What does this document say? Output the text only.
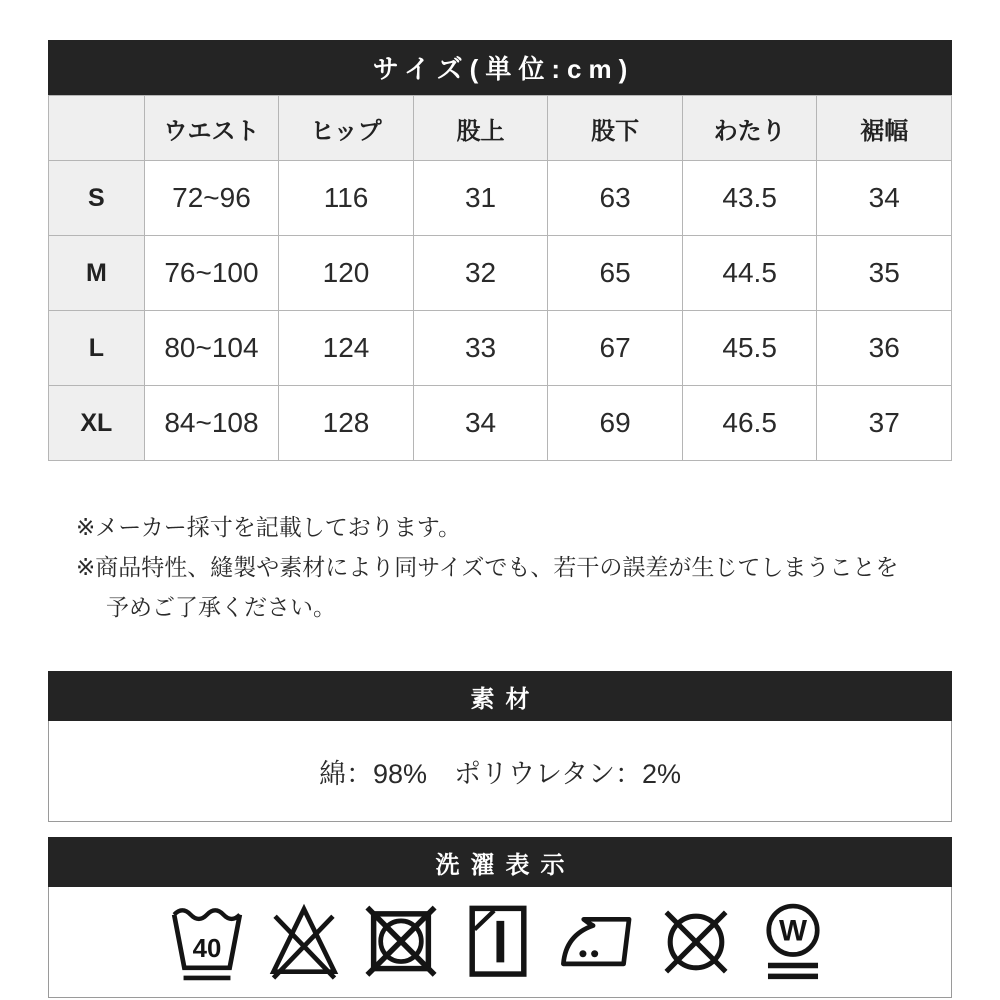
サイズ(単位:cm)
	ウエスト	ヒップ	股上	股下	わたり	裾幅
S	72~96	116	31	63	43.5	34
M	76~100	120	32	65	44.5	35
L	80~104	124	33	67	45.5	36
XL	84~108	128	34	69	46.5	37
※メーカー採寸を記載しております。
※商品特性、縫製や素材により同サイズでも、若干の誤差が生じてしまうことを
予めご了承ください。
素材
綿：98%　ポリウレタン：2%
洗濯表示
40
W
